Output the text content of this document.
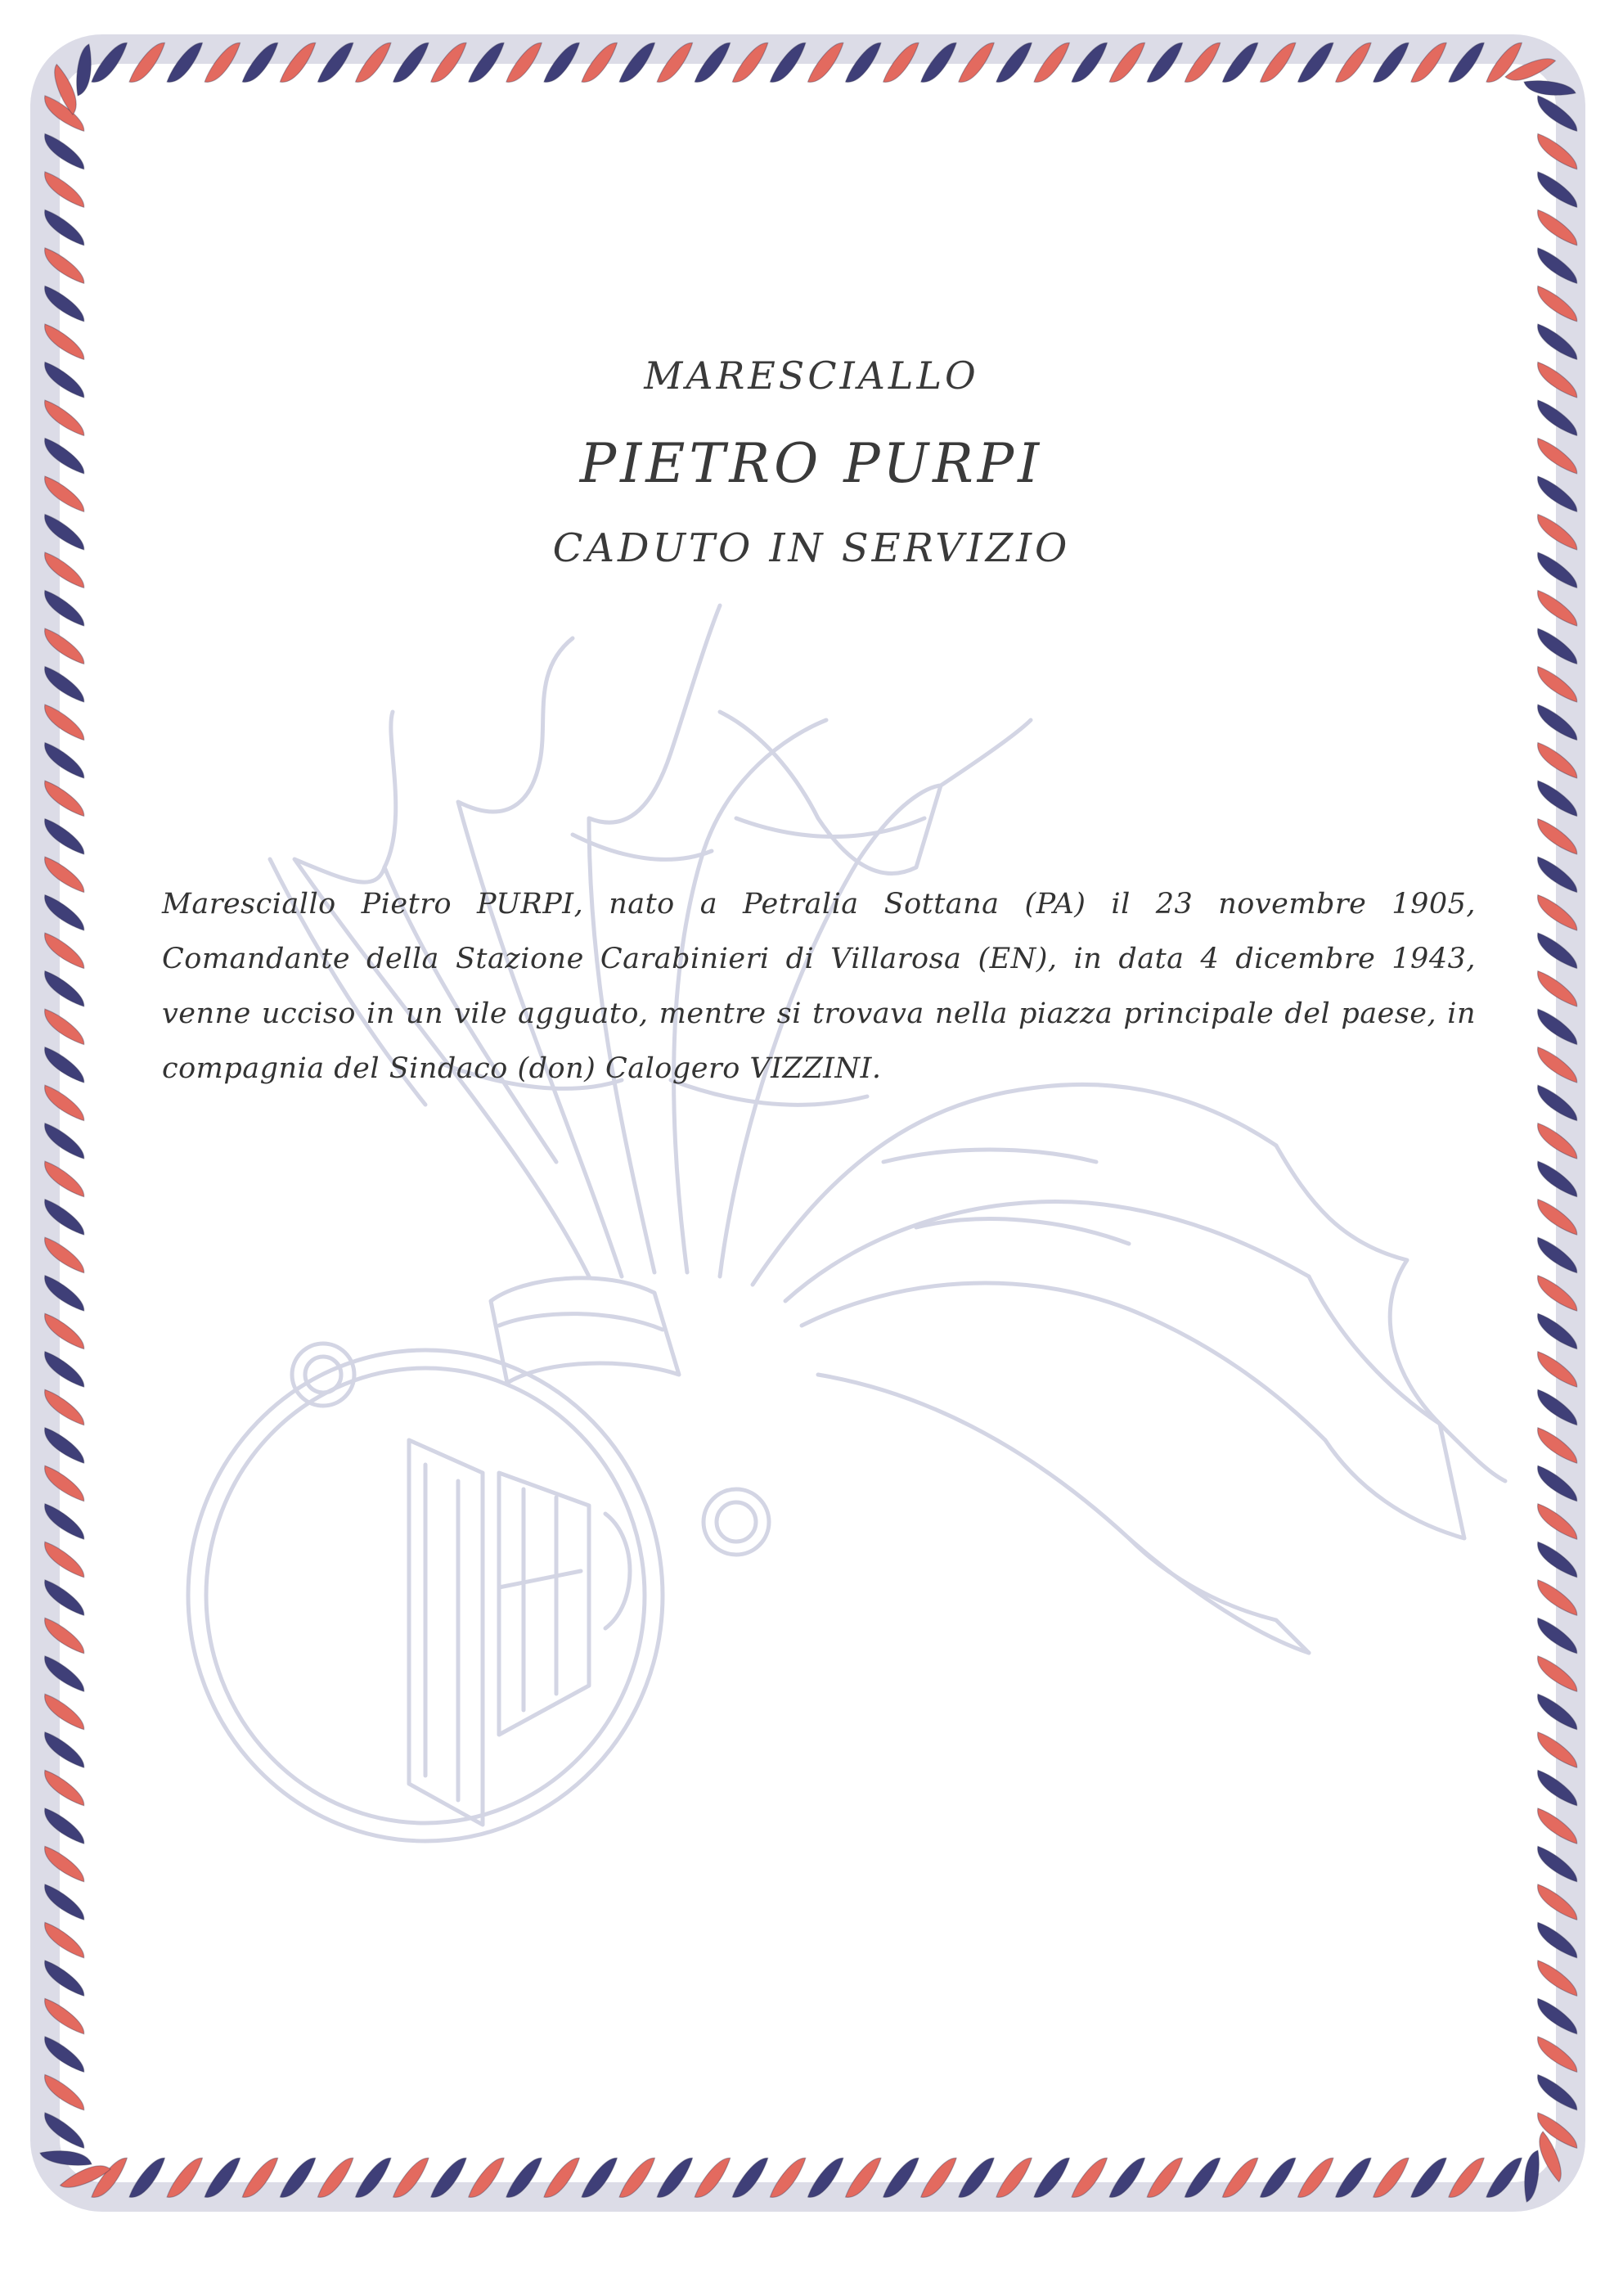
MARESCIALLO
PIETRO PURPI
CADUTO IN SERVIZIO
Maresciallo Pietro PURPI, nato a Petralia Sottana (PA) il 23 novembre 1905, Comandante della Stazione Carabinieri di Villarosa (EN), in data 4 dicembre 1943, venne ucciso in un vile agguato, mentre si trovava nella piazza principale del paese, in compagnia del Sindaco (don) Calogero VIZZINI.
